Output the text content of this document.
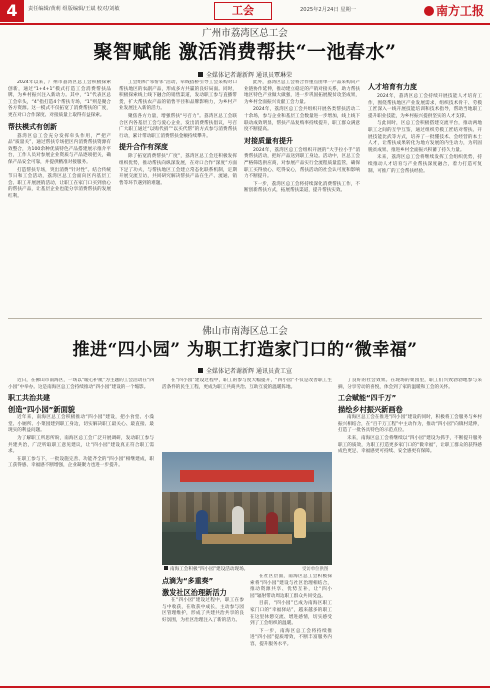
4	责任编辑/黄莉 组版编辑/王斌 校对/刘敏	工会	2025年2月24日 星期一	南方工报
广州市荔湾区总工会
聚智赋能 激活消费帮扶“一池春水”
全媒体记者谢新辉 通讯员覃琳荣
2024年以来，广州市荔湾区总工会积极探索创新，通过“1+4+1”模式打造工会消费帮扶品牌，为乡村振兴注入新动力。其中，“1”代表区总工会牵头，“4”指打造4个帮扶专场，“1”则是聚合各方资源。这一模式不仅拓宽了消费帮扶的广度，更在对口合作深度、对接质量上取得有益探索。
帮扶模式有创新
荔湾区总工会充分发挥牵头作用，严把产品“质量关”，通过帮扶专场把区内消费帮扶资源有效整合，为100余种优质特色产品搭建展示推介平台，工作人员对参展企业资质与产品逐项把关，确保产品安全可靠，并提供精准对接服务。
打造帮扶专场，突出消费“针对性”。结合传统节日和工会活动，荔湾区总工会面向区内基层工会、职工开展展销活动，让职工在家门口买到放心的帮扶产品，让基层企业也能分享消费帮扶的发展红利。
工会组织“邻帮邻”活动，牵线搭桥引导工会采购对口帮扶地区的农副产品，形成多方共赢的良好局面。同时，积极探索线上线下融合的销售渠道，发动职工参与直播带货，扩大帮扶农产品的销售半径和品牌影响力，为乡村产业发展注入新的活力。
聚焦各方力量，增强帮扶“号召力”。荔湾区总工会联合区内各基层工会与爱心企业，发出消费帮扶倡议，号召广大职工通过“以购代捐”“以买代帮”的方式参与消费帮扶行动，累计带动职工消费帮扶金额持续攀升。
提升合作有深度
除了拓宽消费帮扶“广度”，荔湾区总工会还积极发挥组织优势，推动帮扶向纵深发展，在对口合作“深度”方面下足了功夫，与帮扶地区工会建立常态化联系机制，定期开展交流互访，共同研究解决帮扶产品在生产、流通、销售等环节遇到的难题。
此外，荔湾区总工会将合作重点由单一产品采购向产业链协作延伸，推动建立稳定的产销对接关系，助力帮扶地区特色产业做大做强，进一步巩固拓展脱贫攻坚成果，为乡村全面振兴贡献工会力量。
2024年，荔湾区总工会共组织开展各类帮扶活动二十余场，参与企业和基层工会数量进一步增加，线上线下联动成效明显，帮扶产品复购率持续提升，职工群众满意度不断提高。
对接质量有提升
2024年，荔湾区总工会组织开展的“大手拉小手”消费帮扶活动，把好产品送到职工身边。活动中，区总工会严格筛选供应商，对参展产品实行全流程质量监管，确保职工买得放心、吃得安心，帮扶活动的社会认可度和影响力不断提升。
下一步，荔湾区总工会将持续深化消费帮扶工作，不断创新帮扶方式，拓展帮扶渠道，提升帮扶实效。
人才培育有力度
2024年，荔湾区总工会持续开展技能人才培育工作，围绕帮扶地区产业发展需求，组织技术骨干、劳模工匠深入一线开展技能培训和技术指导，帮助当地职工提升职业技能，为乡村振兴提供坚实的人才支撑。
与此同时，区总工会积极搭建交流平台，推动两地职工之间的互学互鉴，通过组织劳模工匠结对帮扶、开展技能比武等方式，培养了一批懂技术、会经营的本土人才，让帮扶成果转化为地方发展的内生动力，为巩固脱贫成果、推进乡村全面振兴积蓄了持久力量。
未来，荔湾区总工会将继续发挥工会组织优势，持续推动人才培育与产业帮扶深度融合，着力打造可复制、可推广的工会帮扶经验。
佛山市南海区总工会
推进“四小园” 为职工打造家门口的“微幸福”
全媒体记者谢新辉 通讯员黄工宣
近日，在佛山市南海区，一场以“暖心护航”为主题的工会活动在“四小园”中举办。这是南海区总工会持续推动“四小园”建设的一个缩影。
职工共治共建
创造“四小园”新面貌
近年来，南海区总工会积极推动“四小园”建设，把小食堂、小澡堂、小厕所、小菜园建到职工身边，切实解决职工最关心、最直接、最现实的利益问题。
为了解职工所思所盼，南海区总工会广泛开展调研，发动职工参与共建共治，广泛听取职工意见建议，让“四小园”建设真正符合职工需求。
在职工参与下，一批设施完善、功能齐全的“四小园”相继建成，职工获得感、幸福感不断增强，企业凝聚力也进一步提升。
在“四小园”建设过程中，职工的参与度大幅提升，“四小园”不仅是改善职工生活条件的民生工程，更成为职工共商共治、互助互爱的温暖阵地。
点滴为“多重奏”
激发社区治理新活力
在“四小园”建设过程中，职工在参与中收获，在收获中成长，主动参与园区管理维护，形成了共建共治共享的良好氛围，为社区治理注入了新的活力。
在社区层面，南海区总工会积极探索将“四小园”建设与社区治理相结合，推动资源共享、优势互补，让“四小园”辐射带动周边职工群众共同受益。
目前，“四小园”已成为南海区职工家门口的“幸福驿站”，越来越多的职工在这里休憩交流、增进感情，切实感受到了工会组织的温暖。
下一步，南海区总工会将持续推进“四小园”提质增效，不断丰富服务内容，提升服务水平。
了良好的社会效果。在现场的菜园里，职工们兴致勃勃地参与采摘，分享劳动的喜悦，体会到了家的温暖和工会的关怀。
工会赋能“四千万”
描绘乡村振兴新画卷
南海区总工会在推进“四小园”建设的同时，积极将工会服务与乡村振兴相结合，在“百千万工程”中主动作为，推动“四小园”向镇村延伸，打造了一批各具特色的示范点位。
未来，南海区总工会将继续以“四小园”建设为抓手，不断提升服务职工的质效，为职工打造更多家门口的“微幸福”，让职工群众的获得感成色更足、幸福感更可持续、安全感更有保障。
南海工会积极“四小园”建设活动现场。	受访单位供图
